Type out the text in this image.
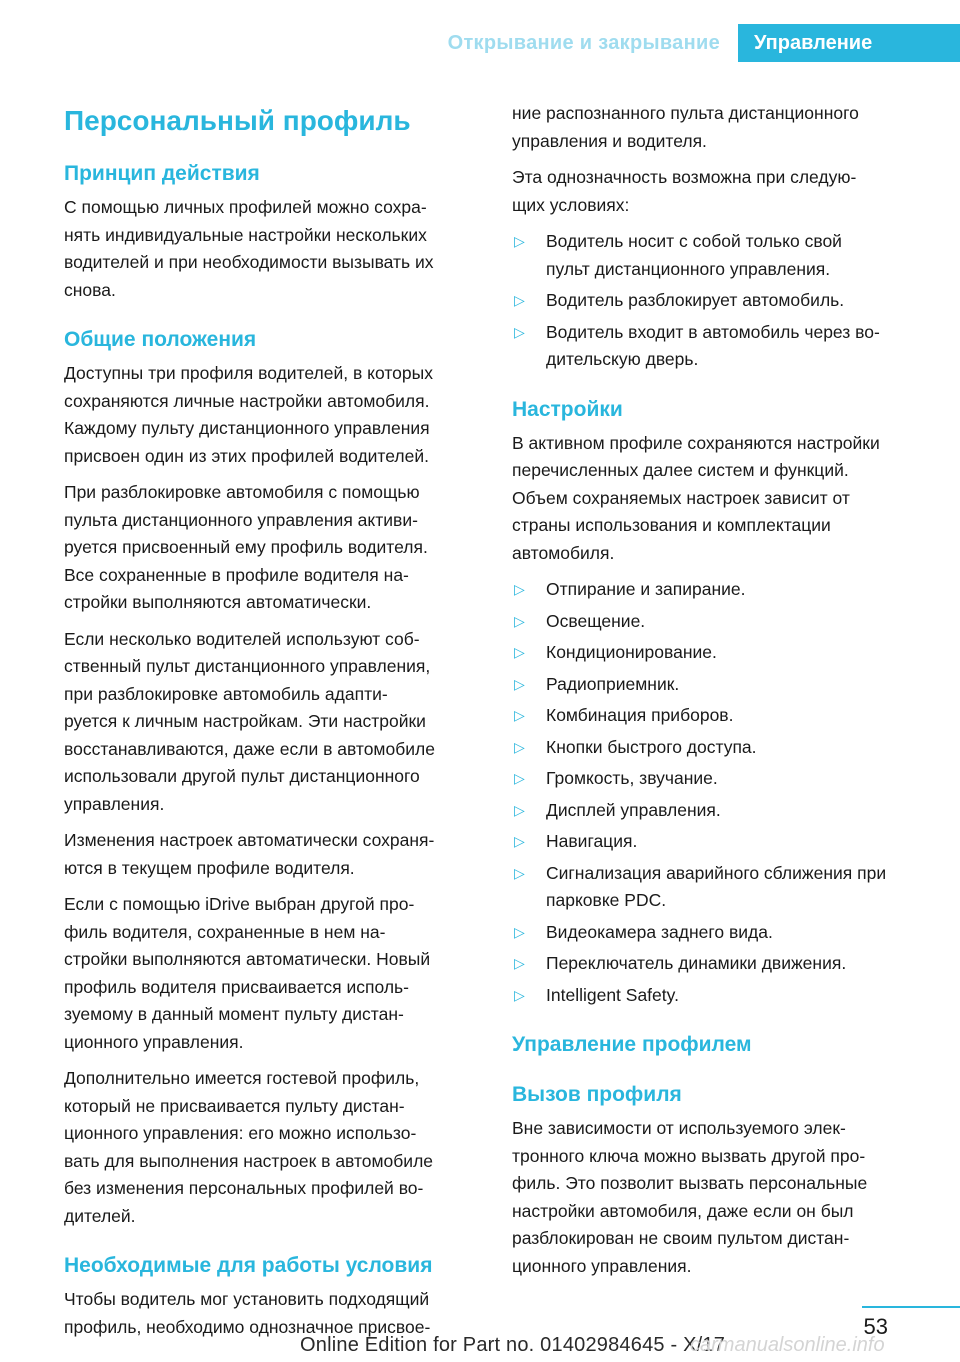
Открывание и закрывание Управление
Персональный профиль
Принцип действия

С помощью личных профилей можно сохра-
нять индивидуальные настройки нескольких
водителей и при необходимости вызывать их
снова.

Общие положения

Доступны три профиля водителей, в которых
сохраняются личные настройки автомобиля.
Каждому пульту дистанционного управления
присвоен один из этих профилей водителей.

При разблокировке автомобиля с помощью
пульта дистанционного управления активи-
руется присвоенный ему профиль водителя.
Все сохраненные в профиле водителя на-
стройки выполняются автоматически.

Если несколько водителей используют соб-
ственный пульт дистанционного управления,
при разблокировке автомобиль адапти-
руется к личным настройкам. Эти настройки
восстанавливаются, даже если в автомобиле
использовали другой пульт дистанционного
управления.

Изменения настроек автоматически сохраня-
ются в текущем профиле водителя.

Если с помощью iDrive выбран другой про-
филь водителя, сохраненные в нем на-
стройки выполняются автоматически. Новый
профиль водителя присваивается исполь-
зуемому в данный момент пульту дистан-
ционного управления.

Дополнительно имеется гостевой профиль,
который не присваивается пульту дистан-
ционного управления: его можно использо-
вать для выполнения настроек в автомобиле
без изменения персональных профилей во-
дителей.

Необходимые для работы условия

Чтобы водитель мог установить подходящий
профиль, необходимо однозначное присвое-

ние распознанного пульта дистанционного
управления и водителя.

Эта однозначность возможна при следую-
щих условиях:

▷ Водитель носит с собой только свой
пульт дистанционного управления.
▷ Водитель разблокирует автомобиль.
▷ Водитель входит в автомобиль через во-
дительскую дверь.
Настройки

В активном профиле сохраняются настройки
перечисленных далее систем и функций.
Объем сохраняемых настроек зависит от
страны использования и комплектации
автомобиля.

▷ Отпирание и запирание.
▷ Освещение.
▷ Кондиционирование.
▷ Радиоприемник.
▷ Комбинация приборов.
▷ Кнопки быстрого доступа.
▷ Громкость, звучание.
▷ Дисплей управления.
▷ Навигация.
▷ Сигнализация аварийного сближения при
парковке PDC.
▷ Видеокамера заднего вида.
▷ Переключатель динамики движения.
▷ Intelligent Safety.
Управление профилем
Вызов профиля

Вне зависимости от используемого элек-
тронного ключа можно вызвать другой про-
филь. Это позволит вызвать персональные
настройки автомобиля, даже если он был
разблокирован не своим пультом дистан-
ционного управления.

53
Online Edition for Part no. 01402984645 - X/17
carmanualsonline.info
